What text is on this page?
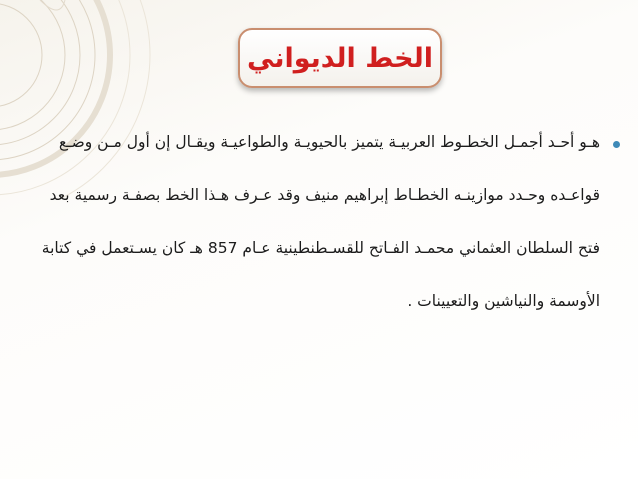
الخط الديواني
هـو أحـد أجمـل الخطـوط العربيـة يتميز بالحيويـة والطواعيـة ويقـال إن أول مـن وضـع
قواعـده وحـدد موازينـه الخطـاط إبراهيم منيف وقد عـرف هـذا الخط بصفـة رسمية بعد
فتح السلطان العثماني محمـد الفـاتح للقسـطنطينية عـام 857 هـ كان يسـتعمل في كتابة
الأوسمة والنياشين والتعيينات .
